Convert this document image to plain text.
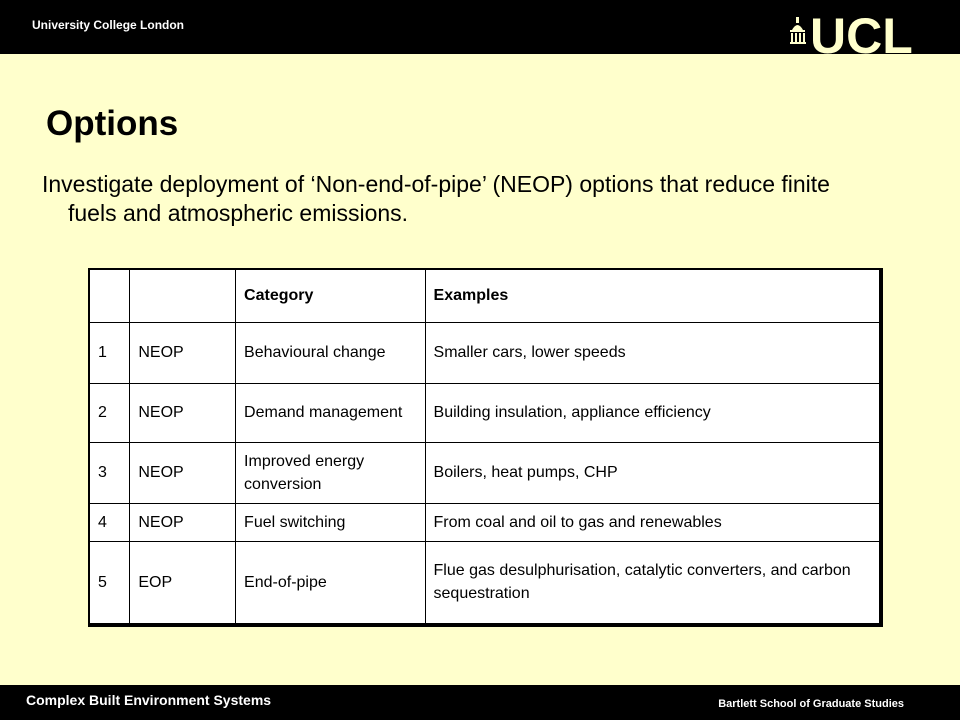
University College London	UCL
Options
Investigate deployment of ‘Non-end-of-pipe’ (NEOP) options that reduce finite fuels and atmospheric emissions.
		Category	Examples
1	NEOP	Behavioural change	Smaller cars, lower speeds
2	NEOP	Demand management	Building insulation, appliance efficiency
3	NEOP	Improved energy conversion	Boilers, heat pumps, CHP
4	NEOP	Fuel switching	From coal and oil to gas and renewables
5	EOP	End-of-pipe	Flue gas desulphurisation, catalytic converters, and carbon sequestration
Complex Built Environment Systems	Bartlett School of Graduate Studies
